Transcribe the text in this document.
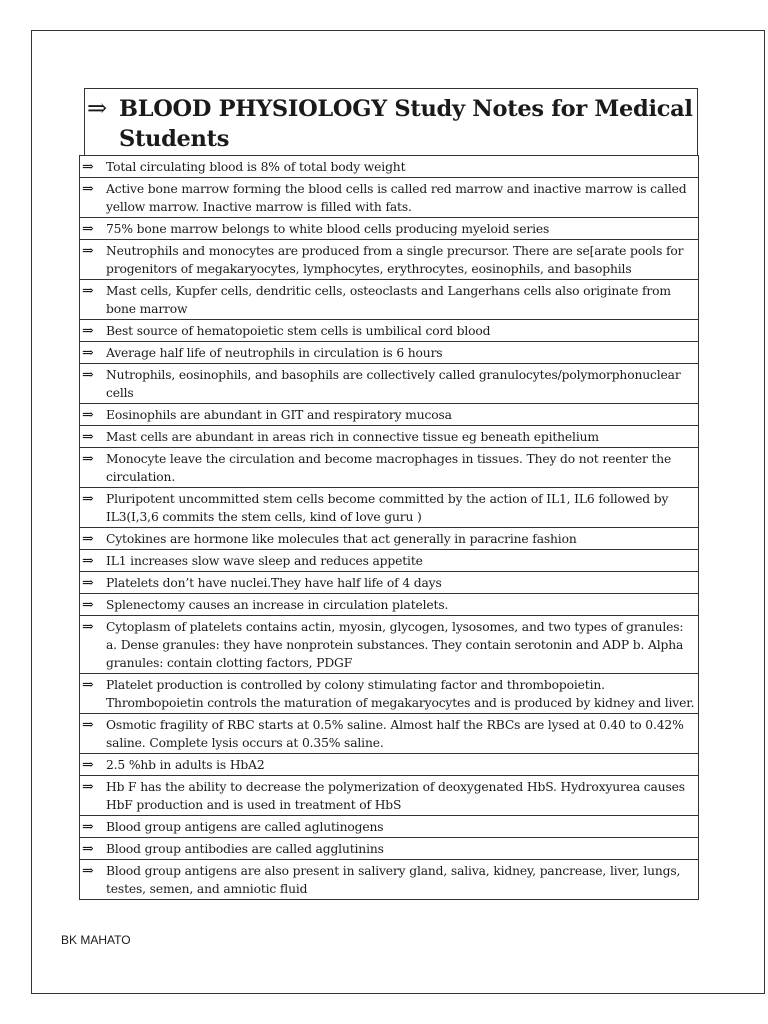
⇒ BLOOD PHYSIOLOGY Study Notes for Medical Students
⇒ Total circulating blood is 8% of total body weight
⇒ Active bone marrow forming the blood cells is called red marrow and inactive marrow is called yellow marrow. Inactive marrow is filled with fats.
⇒ 75% bone marrow belongs to white blood cells producing myeloid series
⇒ Neutrophils and monocytes are produced from a single precursor. There are se[arate pools for progenitors of megakaryocytes, lymphocytes, erythrocytes, eosinophils, and basophils
⇒ Mast cells, Kupfer cells, dendritic cells, osteoclasts and Langerhans cells also originate from bone marrow
⇒ Best source of hematopoietic stem cells is umbilical cord blood
⇒ Average half life of neutrophils in circulation is 6 hours
⇒ Nutrophils, eosinophils, and basophils are collectively called granulocytes/polymorphonuclear cells
⇒ Eosinophils are abundant in GIT and respiratory mucosa
⇒ Mast cells are abundant in areas rich in connective tissue eg beneath epithelium
⇒ Monocyte leave the circulation and become macrophages in tissues. They do not reenter the circulation.
⇒ Pluripotent uncommitted stem cells become committed by the action of IL1, IL6 followed by IL3(I,3,6 commits the stem cells, kind of love guru )
⇒ Cytokines are hormone like molecules that act generally in paracrine fashion
⇒ IL1 increases slow wave sleep and reduces appetite
⇒ Platelets don’t have nuclei.They have half life of 4 days
⇒ Splenectomy causes an increase in circulation platelets.
⇒ Cytoplasm of platelets contains actin, myosin, glycogen, lysosomes, and two types of granules: a. Dense granules: they have nonprotein substances. They contain serotonin and ADP b. Alpha granules: contain clotting factors, PDGF
⇒ Platelet production is controlled by colony stimulating factor and thrombopoietin. Thrombopoietin controls the maturation of megakaryocytes and is produced by kidney and liver.
⇒ Osmotic fragility of RBC starts at 0.5% saline. Almost half the RBCs are lysed at 0.40 to 0.42% saline. Complete lysis occurs at 0.35% saline.
⇒ 2.5 %hb in adults is HbA2
⇒ Hb F has the ability to decrease the polymerization of deoxygenated HbS. Hydroxyurea causes HbF production and is used in treatment of HbS
⇒ Blood group antigens are called aglutinogens
⇒ Blood group antibodies are called agglutinins
⇒ Blood group antigens are also present in salivery gland, saliva, kidney, pancrease, liver, lungs, testes, semen, and amniotic fluid
BK MAHATO
